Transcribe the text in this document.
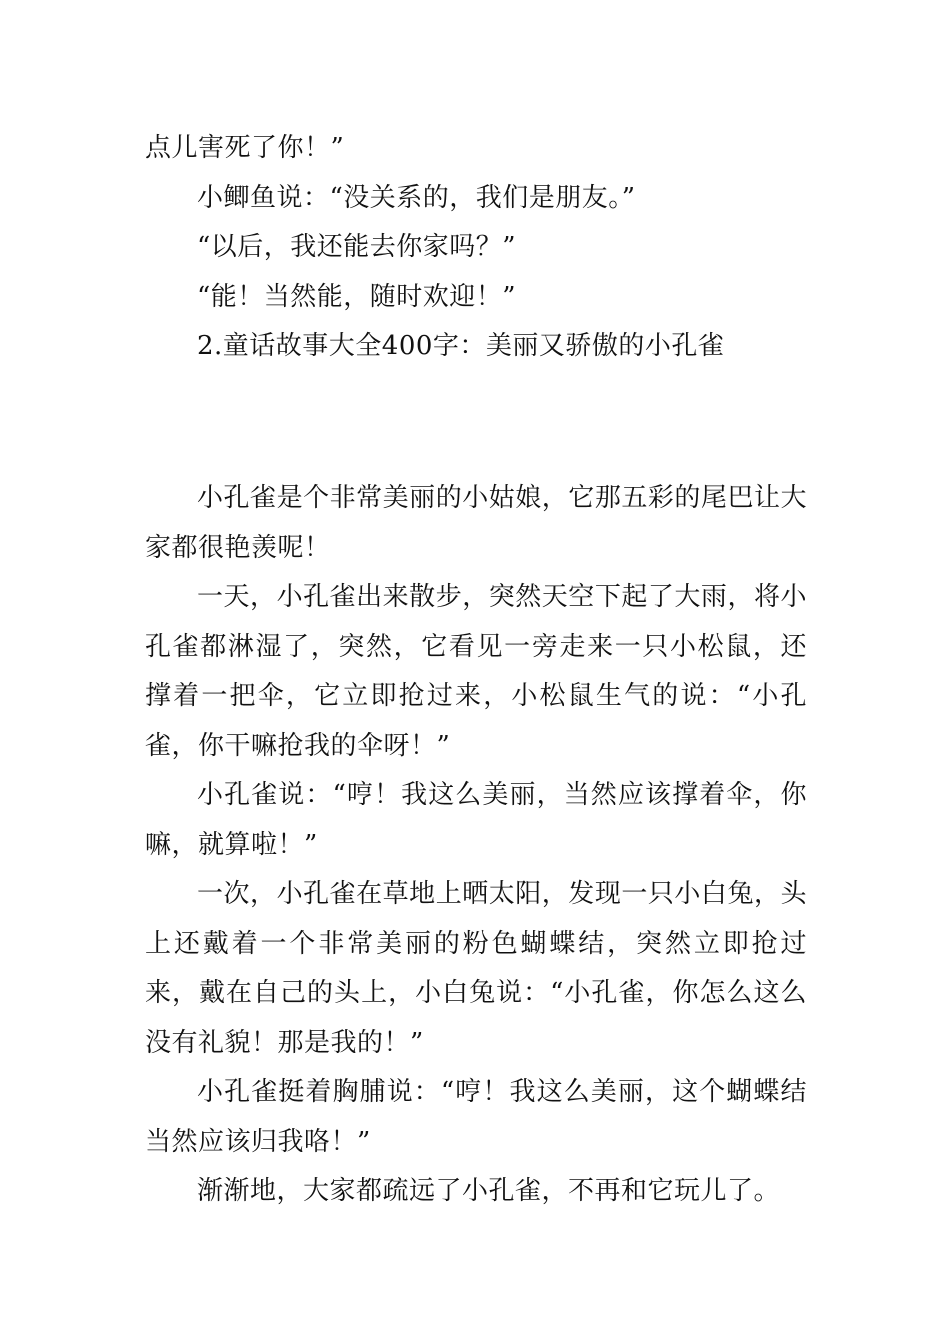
点儿害死了你！”

小鲫鱼说：“没关系的，我们是朋友。”

“以后，我还能去你家吗？”

“能！当然能，随时欢迎！”

2.童话故事大全400字：美丽又骄傲的小孔雀

小孔雀是个非常美丽的小姑娘，它那五彩的尾巴让大家都很艳羡呢！

一天，小孔雀出来散步，突然天空下起了大雨，将小孔雀都淋湿了，突然，它看见一旁走来一只小松鼠，还撑着一把伞，它立即抢过来，小松鼠生气的说：“小孔雀，你干嘛抢我的伞呀！”

小孔雀说：“哼！我这么美丽，当然应该撑着伞，你嘛，就算啦！”

一次，小孔雀在草地上晒太阳，发现一只小白兔，头上还戴着一个非常美丽的粉色蝴蝶结，突然立即抢过来，戴在自己的头上，小白兔说：“小孔雀，你怎么这么没有礼貌！那是我的！”

小孔雀挺着胸脯说：“哼！我这么美丽，这个蝴蝶结当然应该归我咯！”

渐渐地，大家都疏远了小孔雀，不再和它玩儿了。
